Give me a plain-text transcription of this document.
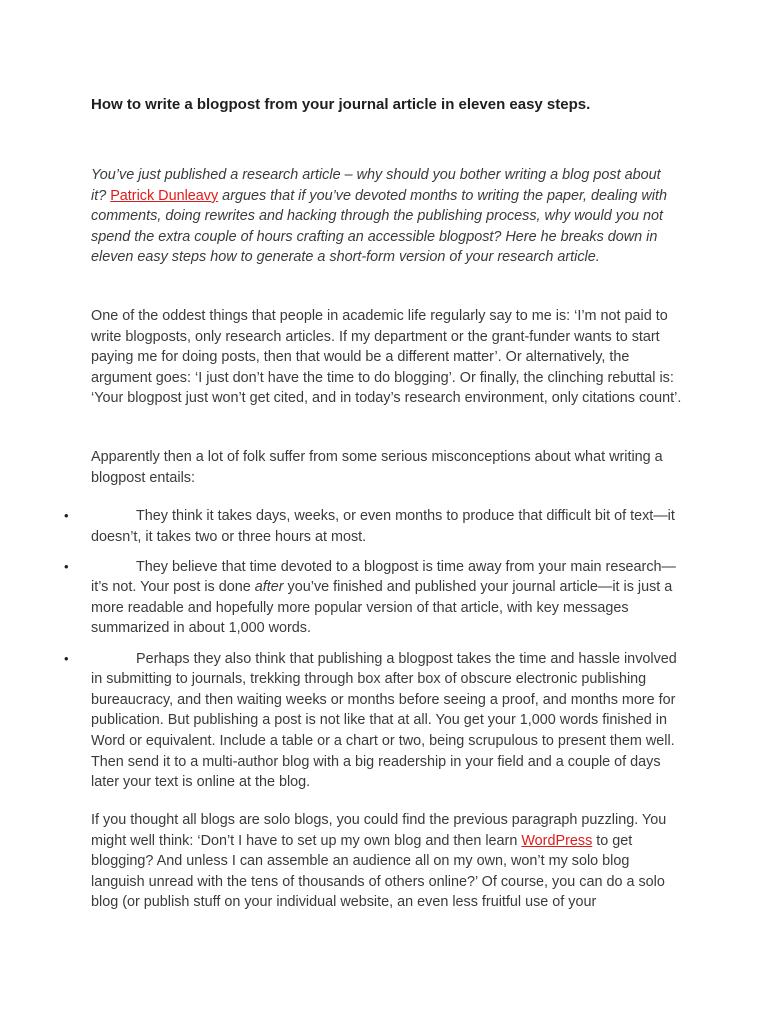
How to write a blogpost from your journal article in eleven easy steps.

You’ve just published a research article – why should you bother writing a blog post about it? Patrick Dunleavy argues that if you’ve devoted months to writing the paper, dealing with comments, doing rewrites and hacking through the publishing process, why would you not spend the extra couple of hours crafting an accessible blogpost? Here he breaks down in eleven easy steps how to generate a short-form version of your research article.

One of the oddest things that people in academic life regularly say to me is: ‘I’m not paid to write blogposts, only research articles. If my department or the grant-funder wants to start paying me for doing posts, then that would be a different matter’. Or alternatively, the argument goes: ‘I just don’t have the time to do blogging’. Or finally, the clinching rebuttal is: ‘Your blogpost just won’t get cited, and in today’s research environment, only citations count’.

Apparently then a lot of folk suffer from some serious misconceptions about what writing a blogpost entails:

•	They think it takes days, weeks, or even months to produce that difficult bit of text—it doesn’t, it takes two or three hours at most.
•	They believe that time devoted to a blogpost is time away from your main research—it’s not. Your post is done after you’ve finished and published your journal article—it is just a more readable and hopefully more popular version of that article, with key messages summarized in about 1,000 words.
•	Perhaps they also think that publishing a blogpost takes the time and hassle involved in submitting to journals, trekking through box after box of obscure electronic publishing bureaucracy, and then waiting weeks or months before seeing a proof, and months more for publication. But publishing a post is not like that at all. You get your 1,000 words finished in Word or equivalent. Include a table or a chart or two, being scrupulous to present them well. Then send it to a multi-author blog with a big readership in your field and a couple of days later your text is online at the blog.

If you thought all blogs are solo blogs, you could find the previous paragraph puzzling. You might well think: ‘Don’t I have to set up my own blog and then learn WordPress to get blogging? And unless I can assemble an audience all on my own, won’t my solo blog languish unread with the tens of thousands of others online?’ Of course, you can do a solo blog (or publish stuff on your individual website, an even less fruitful use of your
